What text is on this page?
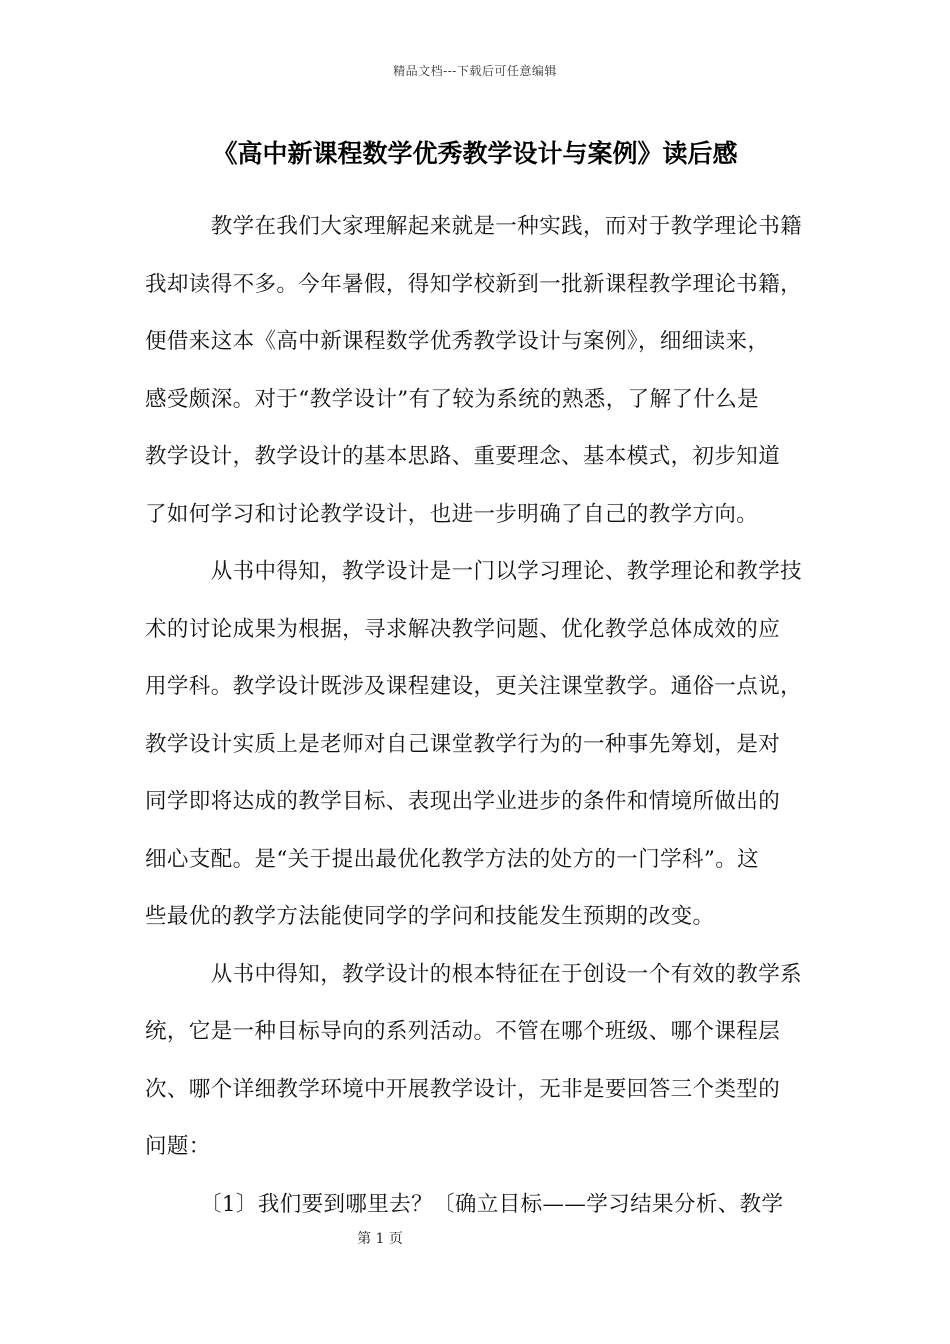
精品文档---下载后可任意编辑
《高中新课程数学优秀教学设计与案例》读后感
　　　教学在我们大家理解起来就是一种实践，而对于教学理论书籍
我却读得不多。今年暑假，得知学校新到一批新课程教学理论书籍，
便借来这本《高中新课程数学优秀教学设计与案例》，细细读来，
感受颇深。对于“教学设计”有了较为系统的熟悉，了解了什么是
教学设计，教学设计的基本思路、重要理念、基本模式，初步知道
了如何学习和讨论教学设计，也进一步明确了自己的教学方向。
　　　从书中得知，教学设计是一门以学习理论、教学理论和教学技
术的讨论成果为根据，寻求解决教学问题、优化教学总体成效的应
用学科。教学设计既涉及课程建设，更关注课堂教学。通俗一点说，
教学设计实质上是老师对自己课堂教学行为的一种事先筹划，是对
同学即将达成的教学目标、表现出学业进步的条件和情境所做出的
细心支配。是“关于提出最优化教学方法的处方的一门学科”。这
些最优的教学方法能使同学的学问和技能发生预期的改变。
　　　从书中得知，教学设计的根本特征在于创设一个有效的教学系
统，它是一种目标导向的系列活动。不管在哪个班级、哪个课程层
次、哪个详细教学环境中开展教学设计，无非是要回答三个类型的
问题：
　　　〔1〕我们要到哪里去？〔确立目标——学习结果分析、教学
第 1 页
